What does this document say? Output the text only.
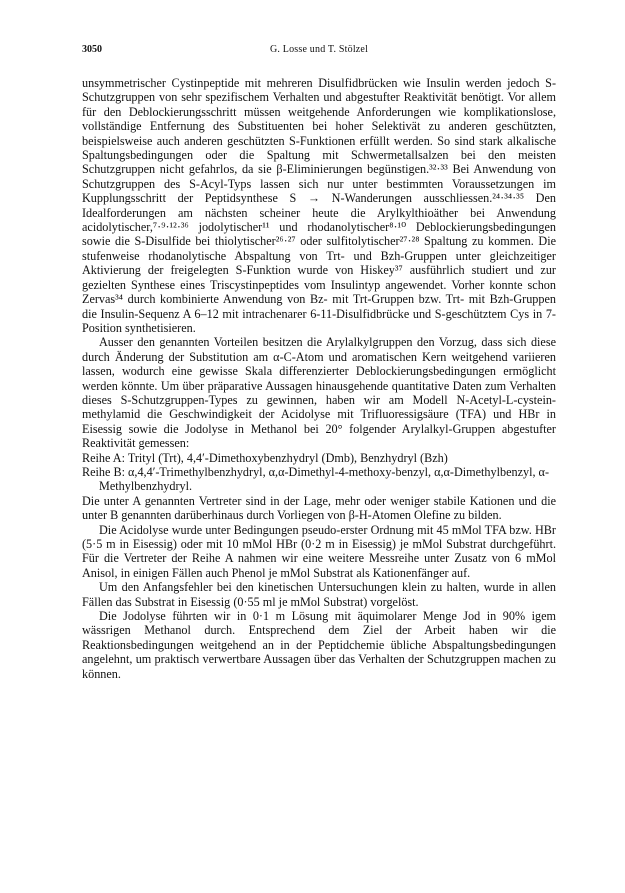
3050	G. Losse und T. Stölzel

unsymmetrischer Cystinpeptide mit mehreren Disulfidbrücken wie Insulin werden jedoch S-Schutzgruppen von sehr spezifischem Verhalten und abgestufter Reaktivität benötigt. Vor allem für den Deblockierungsschritt müssen weitgehende Anforderungen wie komplikationslose, vollständige Entfernung des Substituenten bei hoher Selektivät zu anderen geschützten, beispielsweise auch anderen geschützten S-Funktionen erfüllt werden. So sind stark alkalische Spaltungsbedingungen oder die Spaltung mit Schwermetallsalzen bei den meisten Schutzgruppen nicht gefahrlos, da sie β-Eliminierungen begünstigen.³²·³³ Bei Anwendung von Schutzgruppen des S-Acyl-Typs lassen sich nur unter bestimmten Voraussetzungen im Kupplungsschritt der Peptidsynthese S → N-Wanderungen ausschliessen.²⁴·³⁴·³⁵ Den Idealforderungen am nächsten scheiner heute die Arylkylthioäther bei Anwendung acidolytischer,⁷·⁹·¹²·³⁶ jodolytischer¹¹ und rhodanolytischer⁸·¹⁰ Deblockierungsbedingungen sowie die S-Disulfide bei thiolytischer²⁶·²⁷ oder sulfitolytischer²⁷·²⁸ Spaltung zu kommen. Die stufenweise rhodanolytische Abspaltung von Trt- und Bzh-Gruppen unter gleichzeitiger Aktivierung der freigelegten S-Funktion wurde von Hiskey³⁷ ausführlich studiert und zur gezielten Synthese eines Triscystinpeptides vom Insulintyp angewendet. Vorher konnte schon Zervas³⁴ durch kombinierte Anwendung von Bz- mit Trt-Gruppen bzw. Trt- mit Bzh-Gruppen die Insulin-Sequenz A 6–12 mit intrachenarer 6-11-Disulfidbrücke und S-geschütztem Cys in 7-Position synthetisieren.

Ausser den genannten Vorteilen besitzen die Arylalkylgruppen den Vorzug, dass sich diese durch Änderung der Substitution am α-C-Atom und aromatischen Kern weitgehend variieren lassen, wodurch eine gewisse Skala differenzierter Deblockierungsbedingungen ermöglicht werden könnte. Um über präparative Aussagen hinausgehende quantitative Daten zum Verhalten dieses S-Schutzgruppen-Types zu gewinnen, haben wir am Modell N-Acetyl-L-cystein-methylamid die Geschwindigkeit der Acidolyse mit Trifluoressigsäure (TFA) und HBr in Eisessig sowie die Jodolyse in Methanol bei 20° folgender Arylalkyl-Gruppen abgestufter Reaktivität gemessen:

Reihe A: Trityl (Trt), 4,4′-Dimethoxybenzhydryl (Dmb), Benzhydryl (Bzh)

Reihe B: α,4,4′-Trimethylbenzhydryl, α,α-Dimethyl-4-methoxy-benzyl, α,α-Dimethylbenzyl, α-Methylbenzhydryl.

Die unter A genannten Vertreter sind in der Lage, mehr oder weniger stabile Kationen und die unter B genannten darüberhinaus durch Vorliegen von β-H-Atomen Olefine zu bilden.

Die Acidolyse wurde unter Bedingungen pseudo-erster Ordnung mit 45 mMol TFA bzw. HBr (5·5 m in Eisessig) oder mit 10 mMol HBr (0·2 m in Eisessig) je mMol Substrat durchgeführt. Für die Vertreter der Reihe A nahmen wir eine weitere Messreihe unter Zusatz von 6 mMol Anisol, in einigen Fällen auch Phenol je mMol Substrat als Kationenfänger auf.

Um den Anfangsfehler bei den kinetischen Untersuchungen klein zu halten, wurde in allen Fällen das Substrat in Eisessig (0·55 ml je mMol Substrat) vorgelöst.

Die Jodolyse führten wir in 0·1 m Lösung mit äquimolarer Menge Jod in 90% igem wässrigen Methanol durch. Entsprechend dem Ziel der Arbeit haben wir die Reaktionsbedingungen weitgehend an in der Peptidchemie übliche Abspaltungsbedingungen angelehnt, um praktisch verwertbare Aussagen über das Verhalten der Schutzgruppen machen zu können.
